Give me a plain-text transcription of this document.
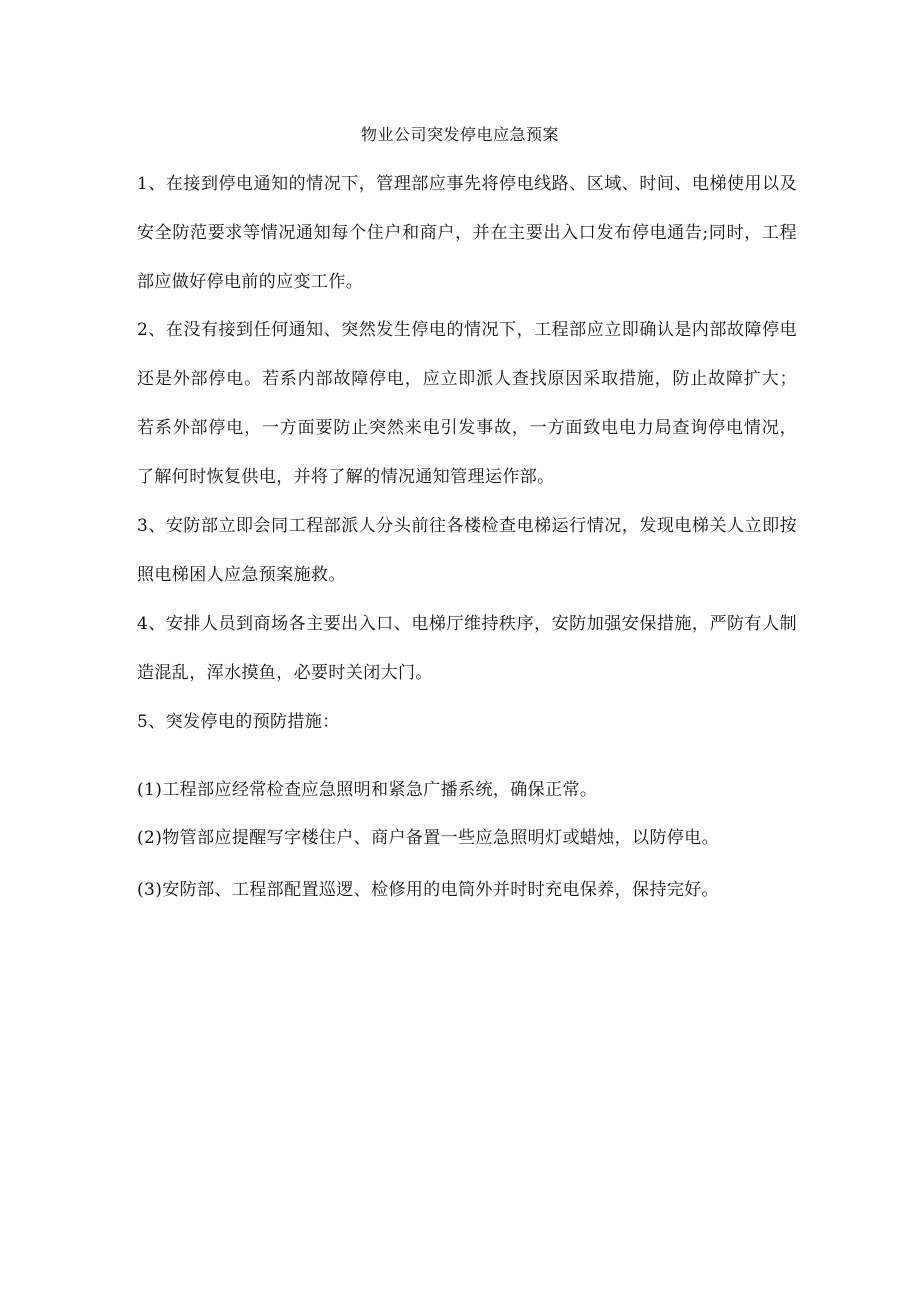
物业公司突发停电应急预案
1、在接到停电通知的情况下，管理部应事先将停电线路、区域、时间、电梯使用以及安全防范要求等情况通知每个住户和商户，并在主要出入口发布停电通告;同时，工程部应做好停电前的应变工作。
2、在没有接到任何通知、突然发生停电的情况下，工程部应立即确认是内部故障停电还是外部停电。若系内部故障停电，应立即派人查找原因采取措施，防止故障扩大；若系外部停电，一方面要防止突然来电引发事故，一方面致电电力局查询停电情况，了解何时恢复供电，并将了解的情况通知管理运作部。
3、安防部立即会同工程部派人分头前往各楼检查电梯运行情况，发现电梯关人立即按照电梯困人应急预案施救。
4、安排人员到商场各主要出入口、电梯厅维持秩序，安防加强安保措施，严防有人制造混乱，浑水摸鱼，必要时关闭大门。
5、突发停电的预防措施：
(1)工程部应经常检查应急照明和紧急广播系统，确保正常。
(2)物管部应提醒写字楼住户、商户备置一些应急照明灯或蜡烛，以防停电。
(3)安防部、工程部配置巡逻、检修用的电筒外并时时充电保养，保持完好。
